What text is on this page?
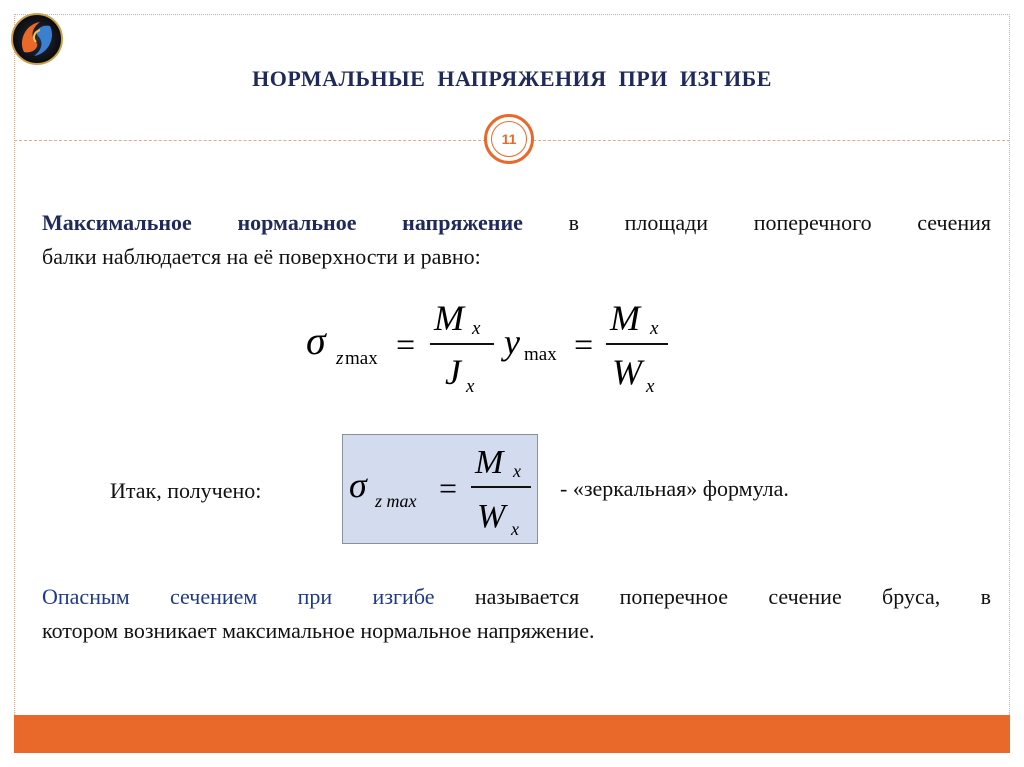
НОРМАЛЬНЫЕ НАПРЯЖЕНИЯ ПРИ ИЗГИБЕ
11
Максимальное нормальное напряжение в площади поперечного сечения
балки наблюдается на её поверхности и равно:
σ z max =
M x
J x
y max =
M x
W x
Итак, получено: σ z max =
M x
W x
- «зеркальная» формула.
Опасным сечением при изгибе называется поперечное сечение бруса, в
котором возникает максимальное нормальное напряжение.
